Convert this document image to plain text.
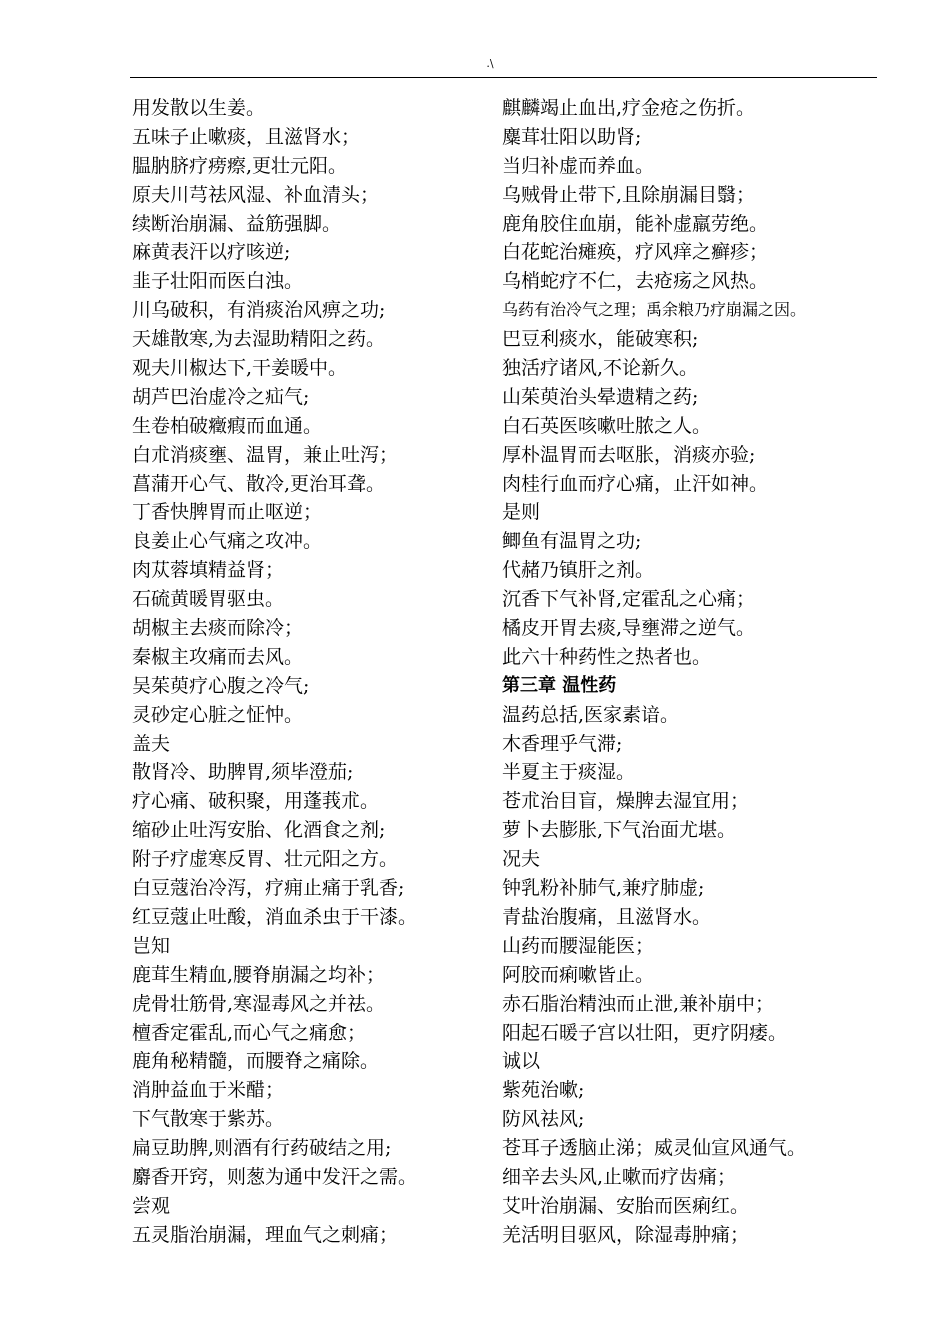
.\
用发散以生姜。
五味子止嗽痰，且滋肾水；
腽肭脐疗痨瘵,更壮元阳。
原夫川芎祛风湿、补血清头；
续断治崩漏、益筋强脚。
麻黄表汗以疗咳逆;
韭子壮阳而医白浊。
川乌破积，有消痰治风痹之功;
天雄散寒,为去湿助精阳之药。
观夫川椒达下,干姜暖中。
胡芦巴治虚冷之疝气;
生卷柏破癥瘕而血通。
白朮消痰壅、温胃，兼止吐泻；
菖蒲开心气、散冷,更治耳聋。
丁香快脾胃而止呕逆；
良姜止心气痛之攻冲。
肉苁蓉填精益肾；
石硫黄暖胃驱虫。
胡椒主去痰而除冷；
秦椒主攻痛而去风。
吴茱萸疗心腹之冷气;
灵砂定心脏之怔忡。
盖夫
散肾冷、助脾胃,须毕澄茄;
疗心痛、破积聚，用蓬莪朮。
缩砂止吐泻安胎、化酒食之剂;
附子疗虚寒反胃、壮元阳之方。
白豆蔻治冷泻，疗痈止痛于乳香;
红豆蔻止吐酸，消血杀虫于干漆。
岂知
鹿茸生精血,腰脊崩漏之均补；
虎骨壮筋骨,寒湿毒风之并祛。
檀香定霍乱,而心气之痛愈；
鹿角秘精髓，而腰脊之痛除。
消肿益血于米醋；
下气散寒于紫苏。
扁豆助脾,则酒有行药破结之用;
麝香开窍，则葱为通中发汗之需。
尝观
五灵脂治崩漏，理血气之刺痛；
麒麟竭止血出,疗金疮之伤折。
麋茸壮阳以助肾;
当归补虚而养血。
乌贼骨止带下,且除崩漏目翳；
鹿角胶住血崩，能补虚羸劳绝。
白花蛇治瘫痪，疗风痒之癣疹；
乌梢蛇疗不仁，去疮疡之风热。
乌药有治冷气之理；禹余粮乃疗崩漏之因。
巴豆利痰水，能破寒积;
独活疗诸风,不论新久。
山茱萸治头晕遗精之药;
白石英医咳嗽吐脓之人。
厚朴温胃而去呕胀，消痰亦验;
肉桂行血而疗心痛，止汗如神。
是则
鲫鱼有温胃之功;
代赭乃镇肝之剂。
沉香下气补肾,定霍乱之心痛；
橘皮开胃去痰,导壅滞之逆气。
此六十种药性之热者也。
第三章 温性药
温药总括,医家素谙。
木香理乎气滞;
半夏主于痰湿。
苍朮治目盲，燥脾去湿宜用；
萝卜去膨胀,下气治面尤堪。
况夫
钟乳粉补肺气,兼疗肺虚;
青盐治腹痛，且滋肾水。
山药而腰湿能医；
阿胶而痢嗽皆止。
赤石脂治精浊而止泄,兼补崩中；
阳起石暖子宫以壮阳，更疗阴痿。
诚以
紫苑治嗽;
防风祛风;
苍耳子透脑止涕；威灵仙宣风通气。
细辛去头风,止嗽而疗齿痛；
艾叶治崩漏、安胎而医痢红。
羌活明目驱风，除湿毒肿痛；
